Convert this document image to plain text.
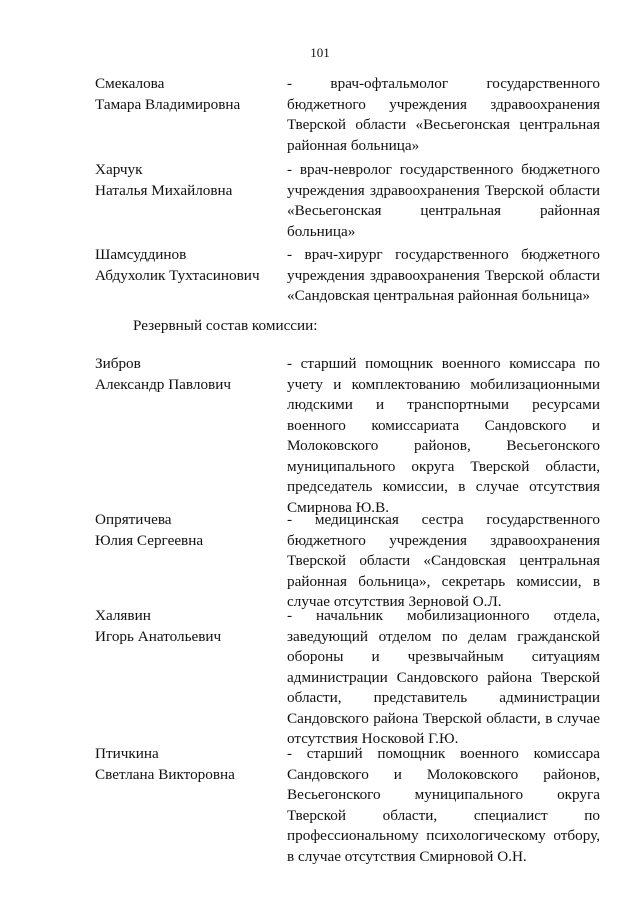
101
Смекалова
Тамара Владимировна
- врач-офтальмолог государственного бюджетного учреждения здравоохранения Тверской области «Весьегонская центральная районная больница»
Харчук
Наталья Михайловна
- врач-невролог государственного бюджетного учреждения здравоохранения Тверской области «Весьегонская центральная районная больница»
Шамсуддинов
Абдухолик Тухтасинович
- врач-хирург государственного бюджетного учреждения здравоохранения Тверской области «Сандовская центральная районная больница»
Резервный состав комиссии:
Зибров
Александр Павлович
- старший помощник военного комиссара по учету и комплектованию мобилизационными людскими и транспортными ресурсами военного комиссариата Сандовского и Молоковского районов, Весьегонского муниципального округа Тверской области, председатель комиссии, в случае отсутствия Смирнова Ю.В.
Опрятичева
Юлия Сергеевна
- медицинская сестра государственного бюджетного учреждения здравоохранения Тверской области «Сандовская центральная районная больница», секретарь комиссии, в случае отсутствия Зерновой О.Л.
Халявин
Игорь Анатольевич
- начальник мобилизационного отдела, заведующий отделом по делам гражданской обороны и чрезвычайным ситуациям администрации Сандовского района Тверской области, представитель администрации Сандовского района Тверской области, в случае отсутствия Носковой Г.Ю.
Птичкина
Светлана Викторовна
- старший помощник военного комиссара Сандовского и Молоковского районов, Весьегонского муниципального округа Тверской области, специалист по профессиональному психологическому отбору, в случае отсутствия Смирновой О.Н.
